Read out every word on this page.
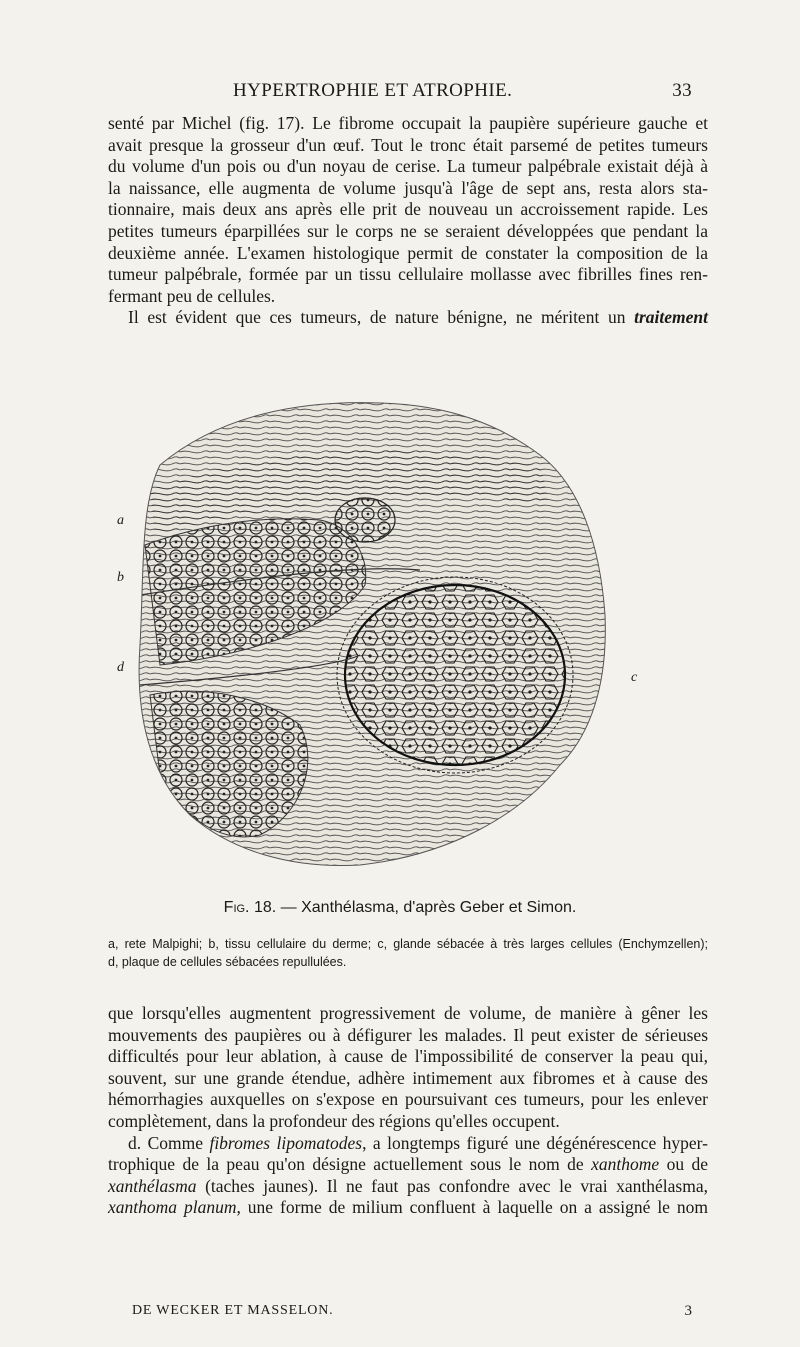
HYPERTROPHIE ET ATROPHIE.	33
senté par Michel (fig. 17). Le fibrome occupait la paupière supérieure gauche et
avait presque la grosseur d'un œuf. Tout le tronc était parsemé de petites tumeurs
du volume d'un pois ou d'un noyau de cerise. La tumeur palpébrale existait déjà à
la naissance, elle augmenta de volume jusqu'à l'âge de sept ans, resta alors sta-
tionnaire, mais deux ans après elle prit de nouveau un accroissement rapide. Les
petites tumeurs éparpillées sur le corps ne se seraient développées que pendant la
deuxième année. L'examen histologique permit de constater la composition de la
tumeur palpébrale, formée par un tissu cellulaire mollasse avec fibrilles fines ren-
fermant peu de cellules.
Il est évident que ces tumeurs, de nature bénigne, ne méritent un traitement
a
b
d
c
Fig. 18. — Xanthélasma, d'après Geber et Simon.
a, rete Malpighi; b, tissu cellulaire du derme; c, glande sébacée à très larges cellules (Enchymzellen);
d, plaque de cellules sébacées repullulées.
que lorsqu'elles augmentent progressivement de volume, de manière à gêner les
mouvements des paupières ou à défigurer les malades. Il peut exister de sérieuses
difficultés pour leur ablation, à cause de l'impossibilité de conserver la peau qui,
souvent, sur une grande étendue, adhère intimement aux fibromes et à cause des
hémorrhagies auxquelles on s'expose en poursuivant ces tumeurs, pour les enlever
complètement, dans la profondeur des régions qu'elles occupent.
d. Comme fibromes lipomatodes, a longtemps figuré une dégénérescence hyper-
trophique de la peau qu'on désigne actuellement sous le nom de xanthome ou de
xanthélasma (taches jaunes). Il ne faut pas confondre avec le vrai xanthélasma,
xanthoma planum, une forme de milium confluent à laquelle on a assigné le nom
DE WECKER ET MASSELON.	3
